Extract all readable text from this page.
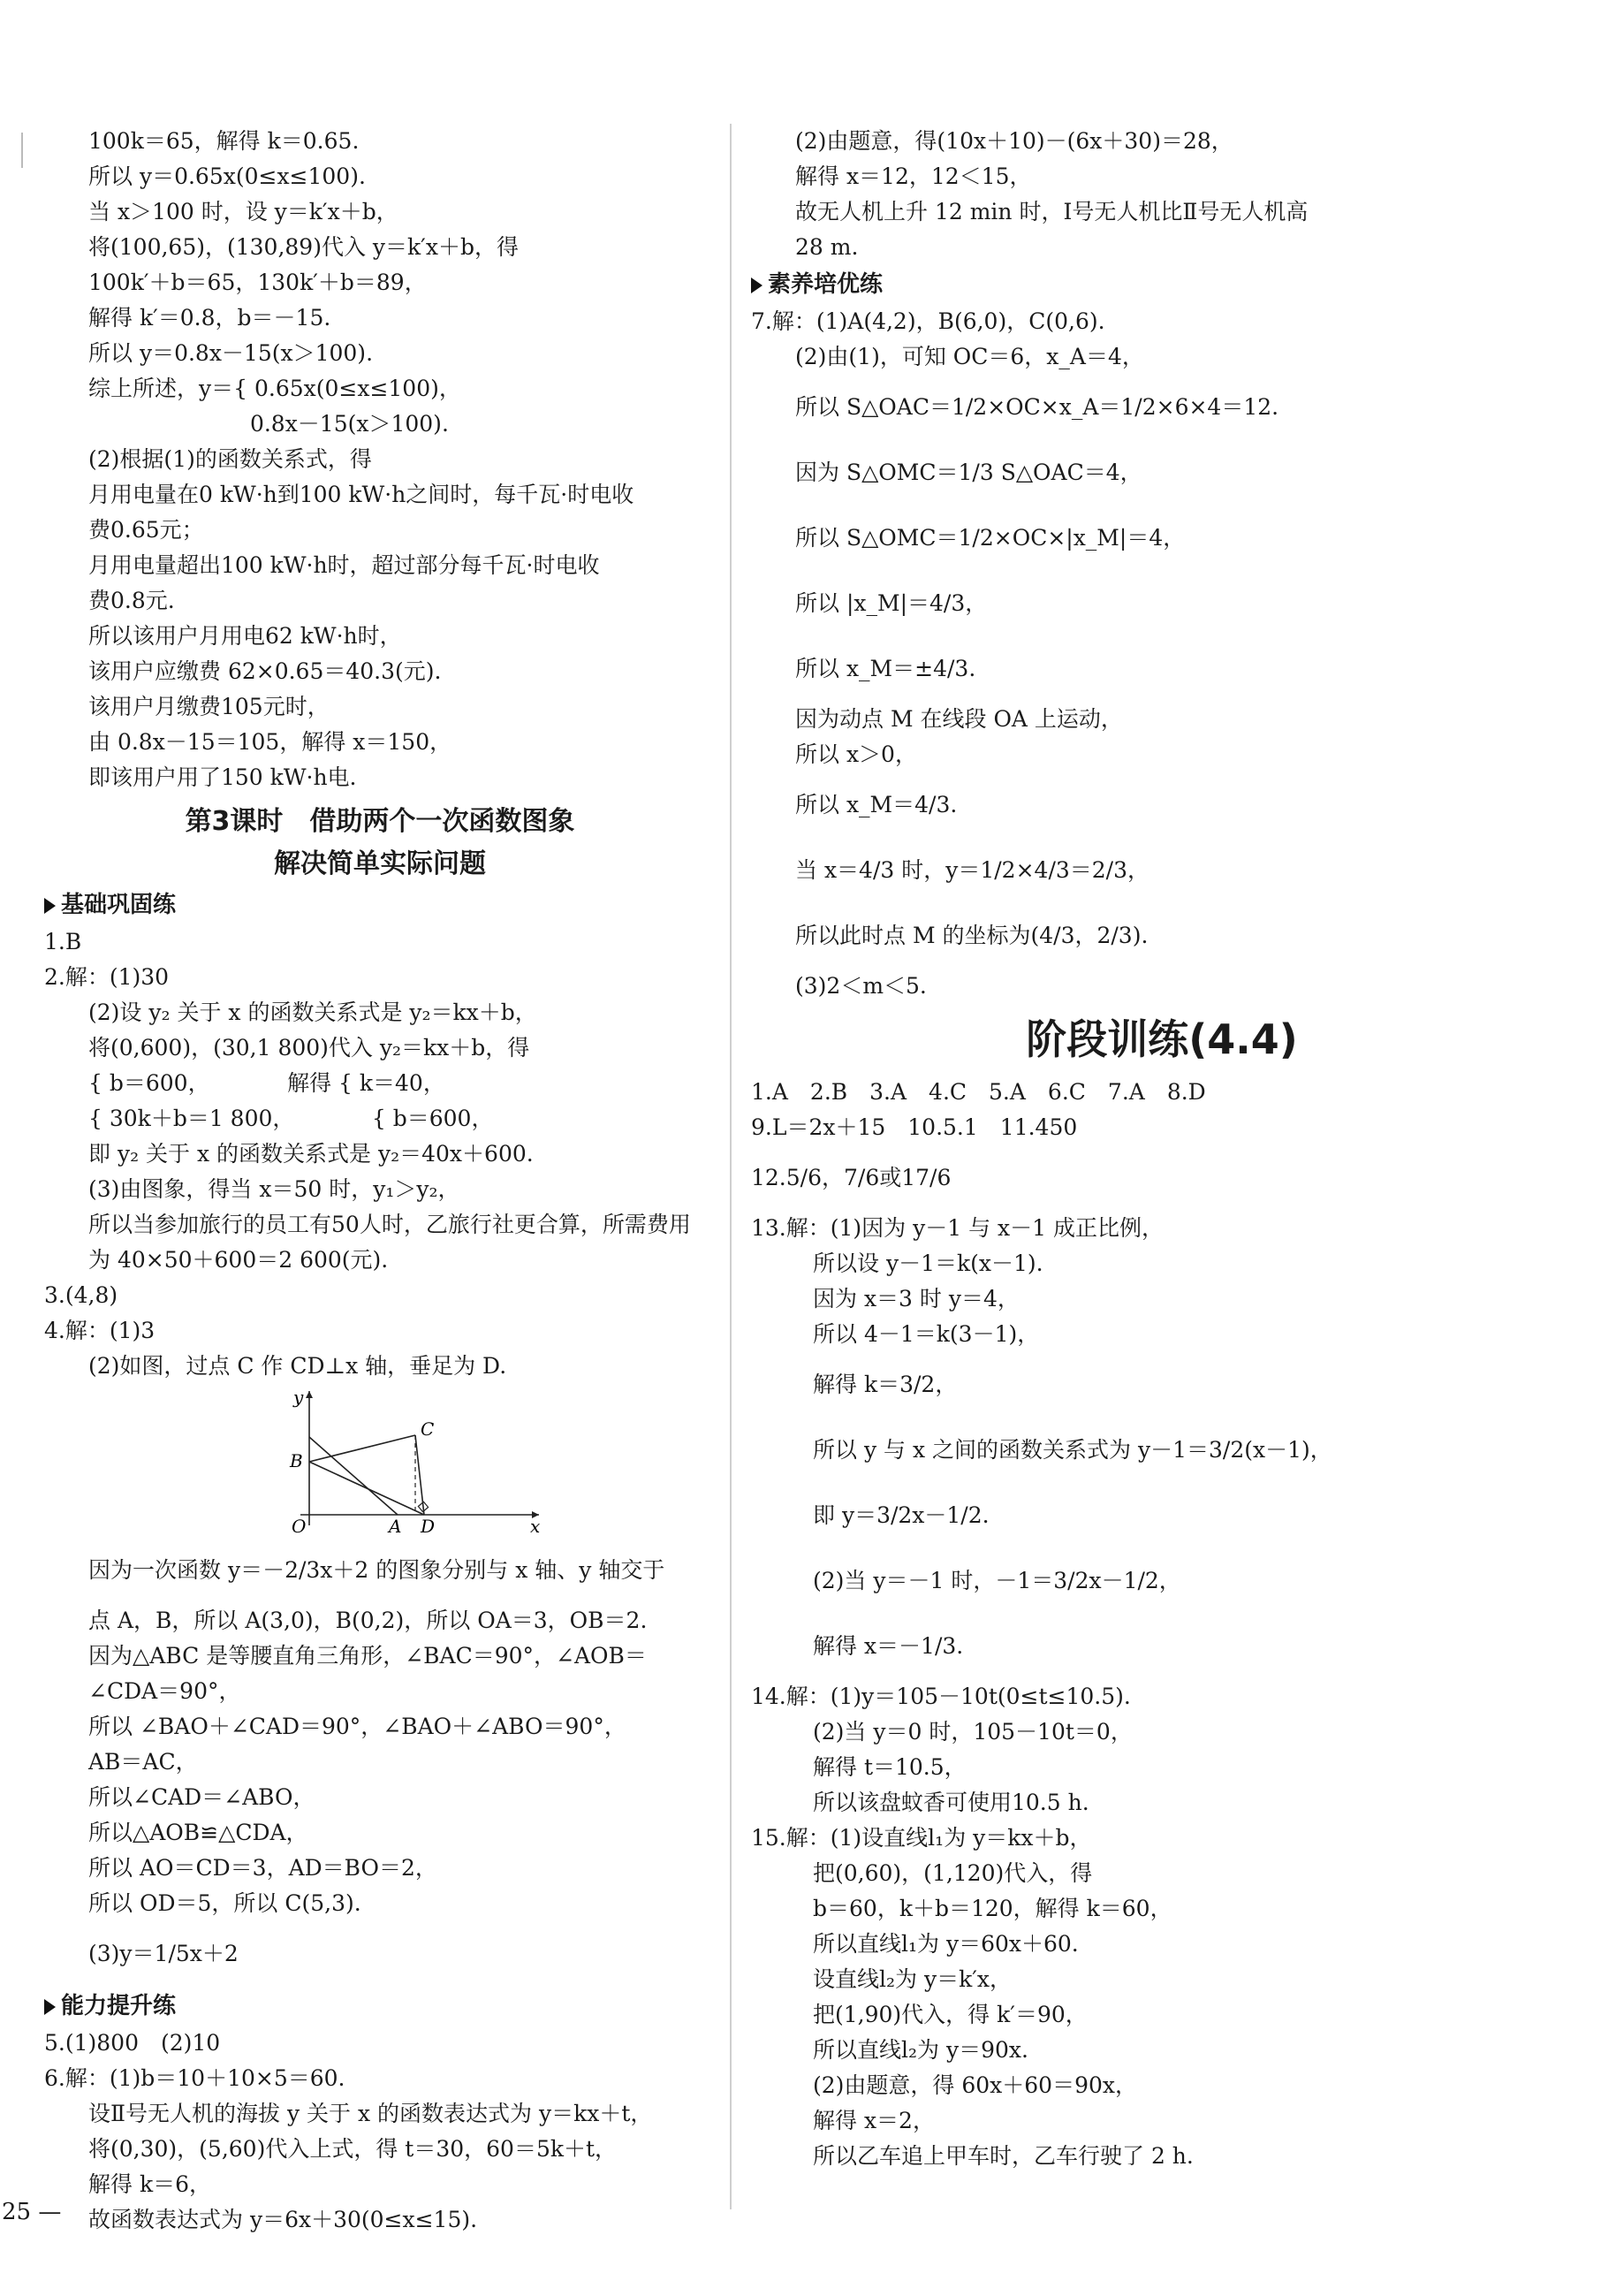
100k＝65，解得 k＝0.65.
所以 y＝0.65x(0≤x≤100).
当 x＞100 时，设 y＝k′x＋b，
将(100,65)，(130,89)代入 y＝k′x＋b，得
100k′＋b＝65，130k′＋b＝89，
解得 k′＝0.8，b＝－15.
所以 y＝0.8x－15(x＞100).
综上所述，y＝{ 0.65x(0≤x≤100)，
　　　　　　　 0.8x－15(x＞100).
(2)根据(1)的函数关系式，得
月用电量在0 kW·h到100 kW·h之间时，每千瓦·时电收
费0.65元；
月用电量超出100 kW·h时，超过部分每千瓦·时电收
费0.8元.
所以该用户月用电62 kW·h时，
该用户应缴费 62×0.65＝40.3(元).
该用户月缴费105元时，
由 0.8x－15＝105，解得 x＝150，
即该用户用了150 kW·h电.
第3课时　借助两个一次函数图象
解决简单实际问题
基础巩固练
1.B
2.解：(1)30
(2)设 y₂ 关于 x 的函数关系式是 y₂＝kx＋b，
将(0,600)，(30,1 800)代入 y₂＝kx＋b，得
{ b＝600，　　　　解得 { k＝40，
{ 30k＋b＝1 800，　　　　{ b＝600，
即 y₂ 关于 x 的函数关系式是 y₂＝40x＋600.
(3)由图象，得当 x＝50 时，y₁＞y₂，
所以当参加旅行的员工有50人时，乙旅行社更合算，所需费用
为 40×50＋600＝2 600(元).
3.(4,8)
4.解：(1)3
(2)如图，过点 C 作 CD⊥x 轴，垂足为 D.
y
x
O	A
B
C
D
因为一次函数 y＝－2/3x＋2 的图象分别与 x 轴、y 轴交于
点 A，B，所以 A(3,0)，B(0,2)，所以 OA＝3，OB＝2.
因为△ABC 是等腰直角三角形，∠BAC＝90°，∠AOB＝
∠CDA＝90°，
所以 ∠BAO＋∠CAD＝90°，∠BAO＋∠ABO＝90°，
AB＝AC，
所以∠CAD＝∠ABO，
所以△AOB≌△CDA，
所以 AO＝CD＝3，AD＝BO＝2，
所以 OD＝5，所以 C(5,3).
(3)y＝1/5x＋2
能力提升练
5.(1)800　(2)10
6.解：(1)b＝10＋10×5＝60.
设Ⅱ号无人机的海拔 y 关于 x 的函数表达式为 y＝kx＋t，
将(0,30)，(5,60)代入上式，得 t＝30，60＝5k＋t，
解得 k＝6，
故函数表达式为 y＝6x＋30(0≤x≤15).
(2)由题意，得(10x＋10)－(6x＋30)＝28，
解得 x＝12，12＜15，
故无人机上升 12 min 时，Ⅰ号无人机比Ⅱ号无人机高
28 m.
素养培优练
7.解：(1)A(4,2)，B(6,0)，C(0,6).
(2)由(1)，可知 OC＝6，x_A＝4，
所以 S△OAC＝1/2×OC×x_A＝1/2×6×4＝12.
因为 S△OMC＝1/3 S△OAC＝4，
所以 S△OMC＝1/2×OC×|x_M|＝4，
所以 |x_M|＝4/3，
所以 x_M＝±4/3.
因为动点 M 在线段 OA 上运动，
所以 x＞0，
所以 x_M＝4/3.
当 x＝4/3 时，y＝1/2×4/3＝2/3，
所以此时点 M 的坐标为(4/3，2/3).
(3)2＜m＜5.
阶段训练(4.4)
1.A　2.B　3.A　4.C　5.A　6.C　7.A　8.D
9.L＝2x＋15　10.5.1　11.450
12.5/6，7/6或17/6
13.解：(1)因为 y－1 与 x－1 成正比例，
所以设 y－1＝k(x－1).
因为 x＝3 时 y＝4，
所以 4－1＝k(3－1)，
解得 k＝3/2，
所以 y 与 x 之间的函数关系式为 y－1＝3/2(x－1)，
即 y＝3/2x－1/2.
(2)当 y＝－1 时，－1＝3/2x－1/2，
解得 x＝－1/3.
14.解：(1)y＝105－10t(0≤t≤10.5).
(2)当 y＝0 时，105－10t＝0，
解得 t＝10.5，
所以该盘蚊香可使用10.5 h.
15.解：(1)设直线l₁为 y＝kx＋b，
把(0,60)，(1,120)代入，得
b＝60，k＋b＝120，解得 k＝60，
所以直线l₁为 y＝60x＋60.
设直线l₂为 y＝k′x，
把(1,90)代入，得 k′＝90，
所以直线l₂为 y＝90x.
(2)由题意，得 60x＋60＝90x，
解得 x＝2，
所以乙车追上甲车时，乙车行驶了 2 h.
25 —
